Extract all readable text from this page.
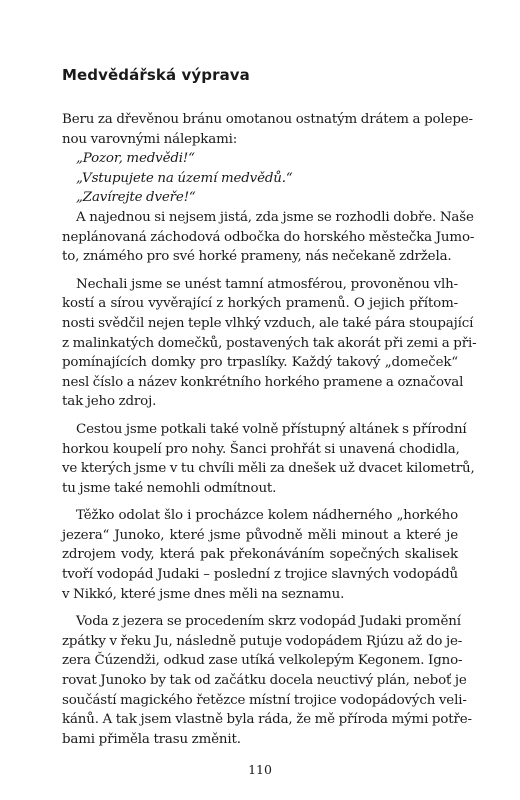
Medvědářská výprava

Beru za dřevěnou bránu omotanou ostnatým drátem a polepe-
nou varovnými nálepkami:

„Pozor, medvědi!“
„Vstupujete na území medvědů.“
„Zavírejte dveře!“

A najednou si nejsem jistá, zda jsme se rozhodli dobře. Naše
neplánovaná záchodová odbočka do horského městečka Jumo-
to, známého pro své horké prameny, nás nečekaně zdržela.

Nechali jsme se unést tamní atmosférou, provoněnou vlh-
kostí a sírou vyvěrající z horkých pramenů. O jejich přítom-
nosti svědčil nejen teple vlhký vzduch, ale také pára stoupající
z malinkatých domečků, postavených tak akorát při zemi a při-
pomínajících domky pro trpaslíky. Každý takový „domeček“
nesl číslo a název konkrétního horkého pramene a označoval
tak jeho zdroj.

Cestou jsme potkali také volně přístupný altánek s přírodní
horkou koupelí pro nohy. Šanci prohřát si unavená chodidla,
ve kterých jsme v tu chvíli měli za dnešek už dvacet kilometrů,
tu jsme také nemohli odmítnout.

Těžko odolat šlo i procházce kolem nádherného „horkého
jezera“ Junoko, které jsme původně měli minout a které je
zdrojem vody, která pak překonáváním sopečných skalisek
tvoří vodopád Judaki – poslední z trojice slavných vodopádů
v Nikkó, které jsme dnes měli na seznamu.

Voda z jezera se procedením skrz vodopád Judaki promění
zpátky v řeku Ju, následně putuje vodopádem Rjúzu až do je-
zera Čúzendži, odkud zase utíká velkolepým Kegonem. Igno-
rovat Junoko by tak od začátku docela neuctivý plán, neboť je
součástí magického řetězce místní trojice vodopádových veli-
kánů. A tak jsem vlastně byla ráda, že mě příroda mými potře-
bami přiměla trasu změnit.

110
